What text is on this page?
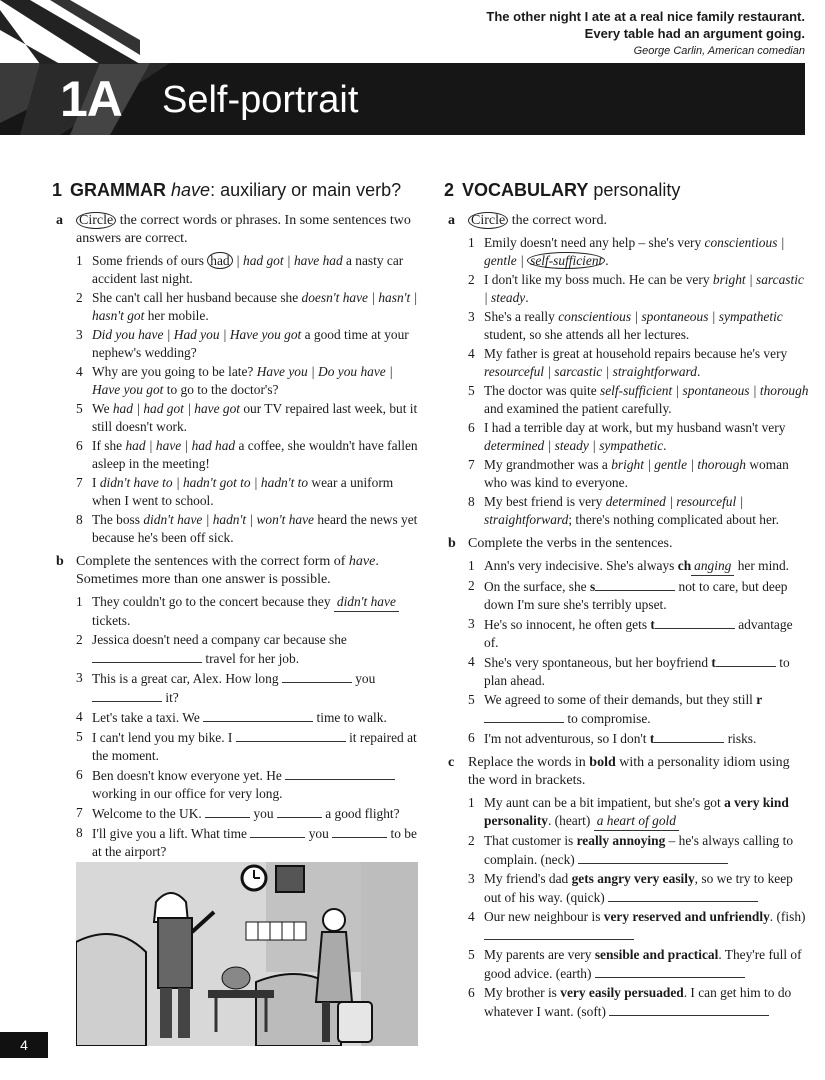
The other night I ate at a real nice family restaurant.
Every table had an argument going.
George Carlin, American comedian
1A Self-portrait
1 GRAMMAR have: auxiliary or main verb?
a Circle the correct words or phrases. In some sentences two answers are correct.
1 Some friends of ours had | had got | have had a nasty car accident last night.
2 She can't call her husband because she doesn't have | hasn't | hasn't got her mobile.
3 Did you have | Had you | Have you got a good time at your nephew's wedding?
4 Why are you going to be late? Have you | Do you have | Have you got to go to the doctor's?
5 We had | had got | have got our TV repaired last week, but it still doesn't work.
6 If she had | have | had had a coffee, she wouldn't have fallen asleep in the meeting!
7 I didn't have to | hadn't got to | hadn't to wear a uniform when I went to school.
8 The boss didn't have | hadn't | won't have heard the news yet because he's been off sick.
b Complete the sentences with the correct form of have. Sometimes more than one answer is possible.
1 They couldn't go to the concert because they didn't have tickets.
2 Jessica doesn't need a company car because she  travel for her job.
3 This is a great car, Alex. How long	you  it?
4 Let's take a taxi. We	time to walk.
5 I can't lend you my bike. I	it repaired at the moment.
6 Ben doesn't know everyone yet. He  working in our office for very long.
7 Welcome to the UK.	you	a good flight?
8 I'll give you a lift. What time	you	to be at the airport?
2 VOCABULARY personality
a Circle the correct word.
1 Emily doesn't need any help – she's very conscientious | gentle | self-sufficient .
2 I don't like my boss much. He can be very bright | sarcastic | steady.
3 She's a really conscientious | spontaneous | sympathetic student, so she attends all her lectures.
4 My father is great at household repairs because he's very resourceful | sarcastic | straightforward.
5 The doctor was quite self-sufficient | spontaneous | thorough and examined the patient carefully.
6 I had a terrible day at work, but my husband wasn't very determined | steady | sympathetic.
7 My grandmother was a bright | gentle | thorough woman who was kind to everyone.
8 My best friend is very determined | resourceful | straightforward; there's nothing complicated about her.
b Complete the verbs in the sentences.
1 Ann's very indecisive. She's always ch anging her mind.
2 On the surface, she s	not to care, but deep down I'm sure she's terribly upset.
3 He's so innocent, he often gets t	advantage of.
4 She's very spontaneous, but her boyfriend t	to plan ahead.
5 We agreed to some of their demands, but they still r to compromise.
6 I'm not adventurous, so I don't t	risks.
c Replace the words in bold with a personality idiom using the word in brackets.
1 My aunt can be a bit impatient, but she's got a very kind personality. (heart) a heart of gold
2 That customer is really annoying – he's always calling to complain. (neck)
3 My friend's dad gets angry very easily, so we try to keep out of his way. (quick)
4 Our new neighbour is very reserved and unfriendly. (fish)
5 My parents are very sensible and practical. They're full of good advice. (earth)
6 My brother is very easily persuaded. I can get him to do whatever I want. (soft)
4
